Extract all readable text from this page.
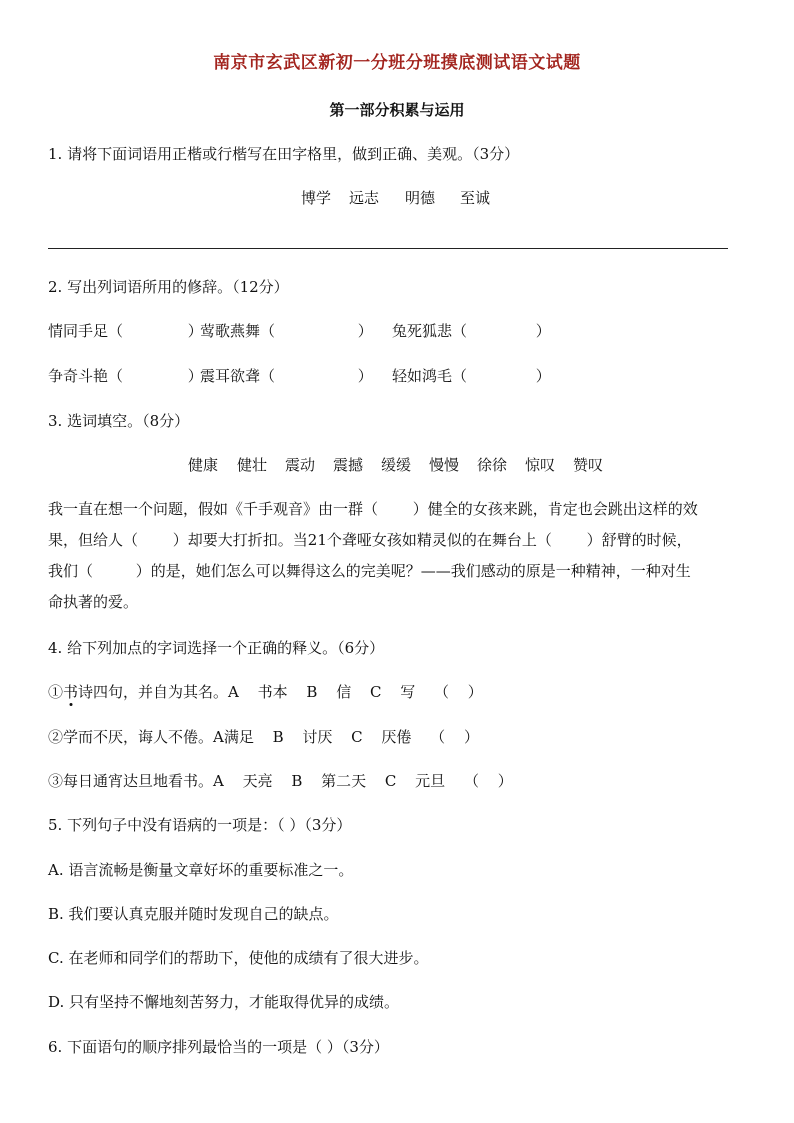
南京市玄武区新初一分班分班摸底测试语文试题
第一部分积累与运用
1. 请将下面词语用正楷或行楷写在田字格里，做到正确、美观。（3分）
博学 远志 明德 至诚
2. 写出列词语所用的修辞。（12分）
情同手足（ ）
莺歌燕舞（ ） 兔死狐悲（ ）
争奇斗艳（ ）
震耳欲聋（ ） 轻如鸿毛（ ）
3. 选词填空。（8分）
健康 健壮 震动 震撼 缓缓 慢慢 徐徐 惊叹 赞叹
我一直在想一个问题，假如《千手观音》由一群（ ）健全的女孩来跳，肯定也会跳出这样的效
果，但给人（ ）却要大打折扣。当21个聋哑女孩如精灵似的在舞台上（ ）舒臂的时候，
我们（ ）的是，她们怎么可以舞得这么的完美呢？——我们感动的原是一种精神，一种对生
命执著的爱。
4. 给下列加点的字词选择一个正确的释义。（6分）
①书诗四句，并自为其名。A 书本 B 信 C 写 （ ）
②学而不厌，诲人不倦。A满足 B 讨厌 C 厌倦 （ ）
③每日通宵达旦地看书。A 天亮 B 第二天 C 元旦 （ ）
5. 下列句子中没有语病的一项是：（ ）（3分）
A. 语言流畅是衡量文章好坏的重要标准之一。
B. 我们要认真克服并随时发现自己的缺点。
C. 在老师和同学们的帮助下，使他的成绩有了很大进步。
D. 只有坚持不懈地刻苦努力，才能取得优异的成绩。
6. 下面语句的顺序排列最恰当的一项是（ ）（3分）
